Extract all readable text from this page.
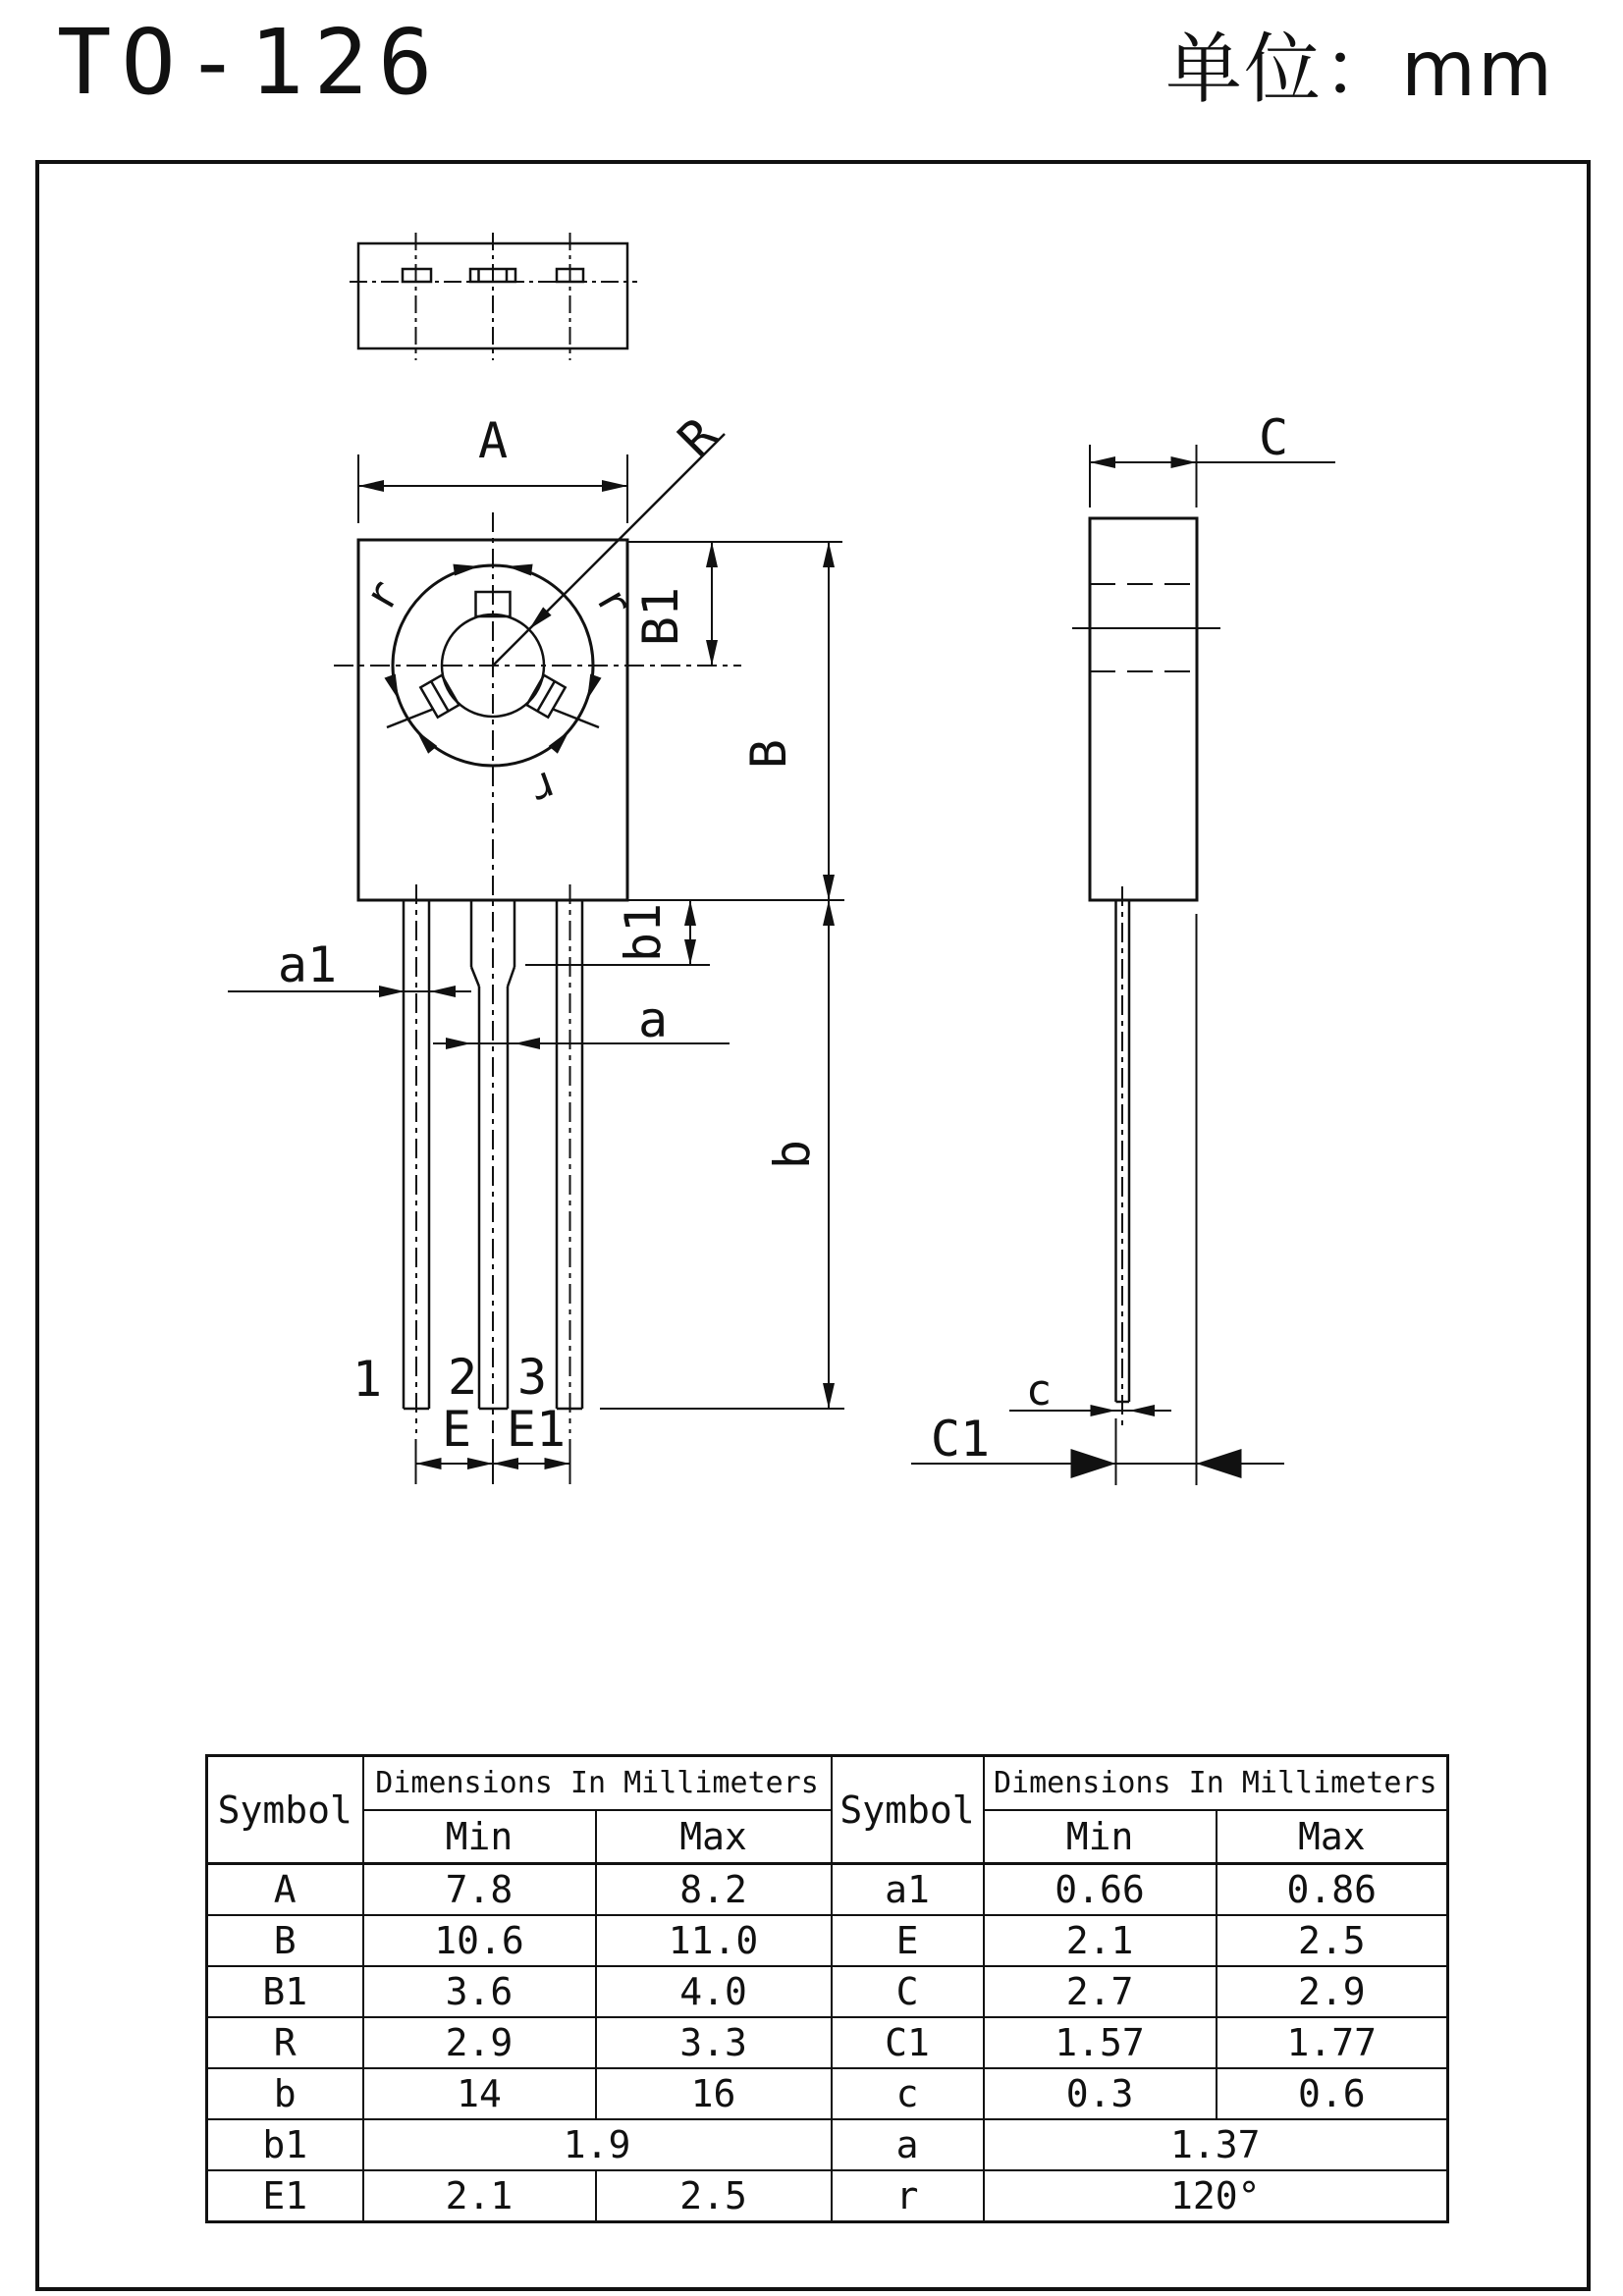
TO-126	单位：mm
A	R
B1
B
b1
b
a1
a
1 2 3
E E1
C
c
C1
r	r
r
Symbol	Dimensions In Millimeters		Symbol	Dimensions In Millimeters	
	Min	Max		Min	Max
A	7.8	8.2	a1	0.66	0.86
B	10.6	11.0	E	2.1	2.5
B1	3.6	4.0	C	2.7	2.9
R	2.9	3.3	C1	1.57	1.77
b	14	16	c	0.3	0.6
b1	1.9		a	1.37	
E1	2.1	2.5	r	120°	
